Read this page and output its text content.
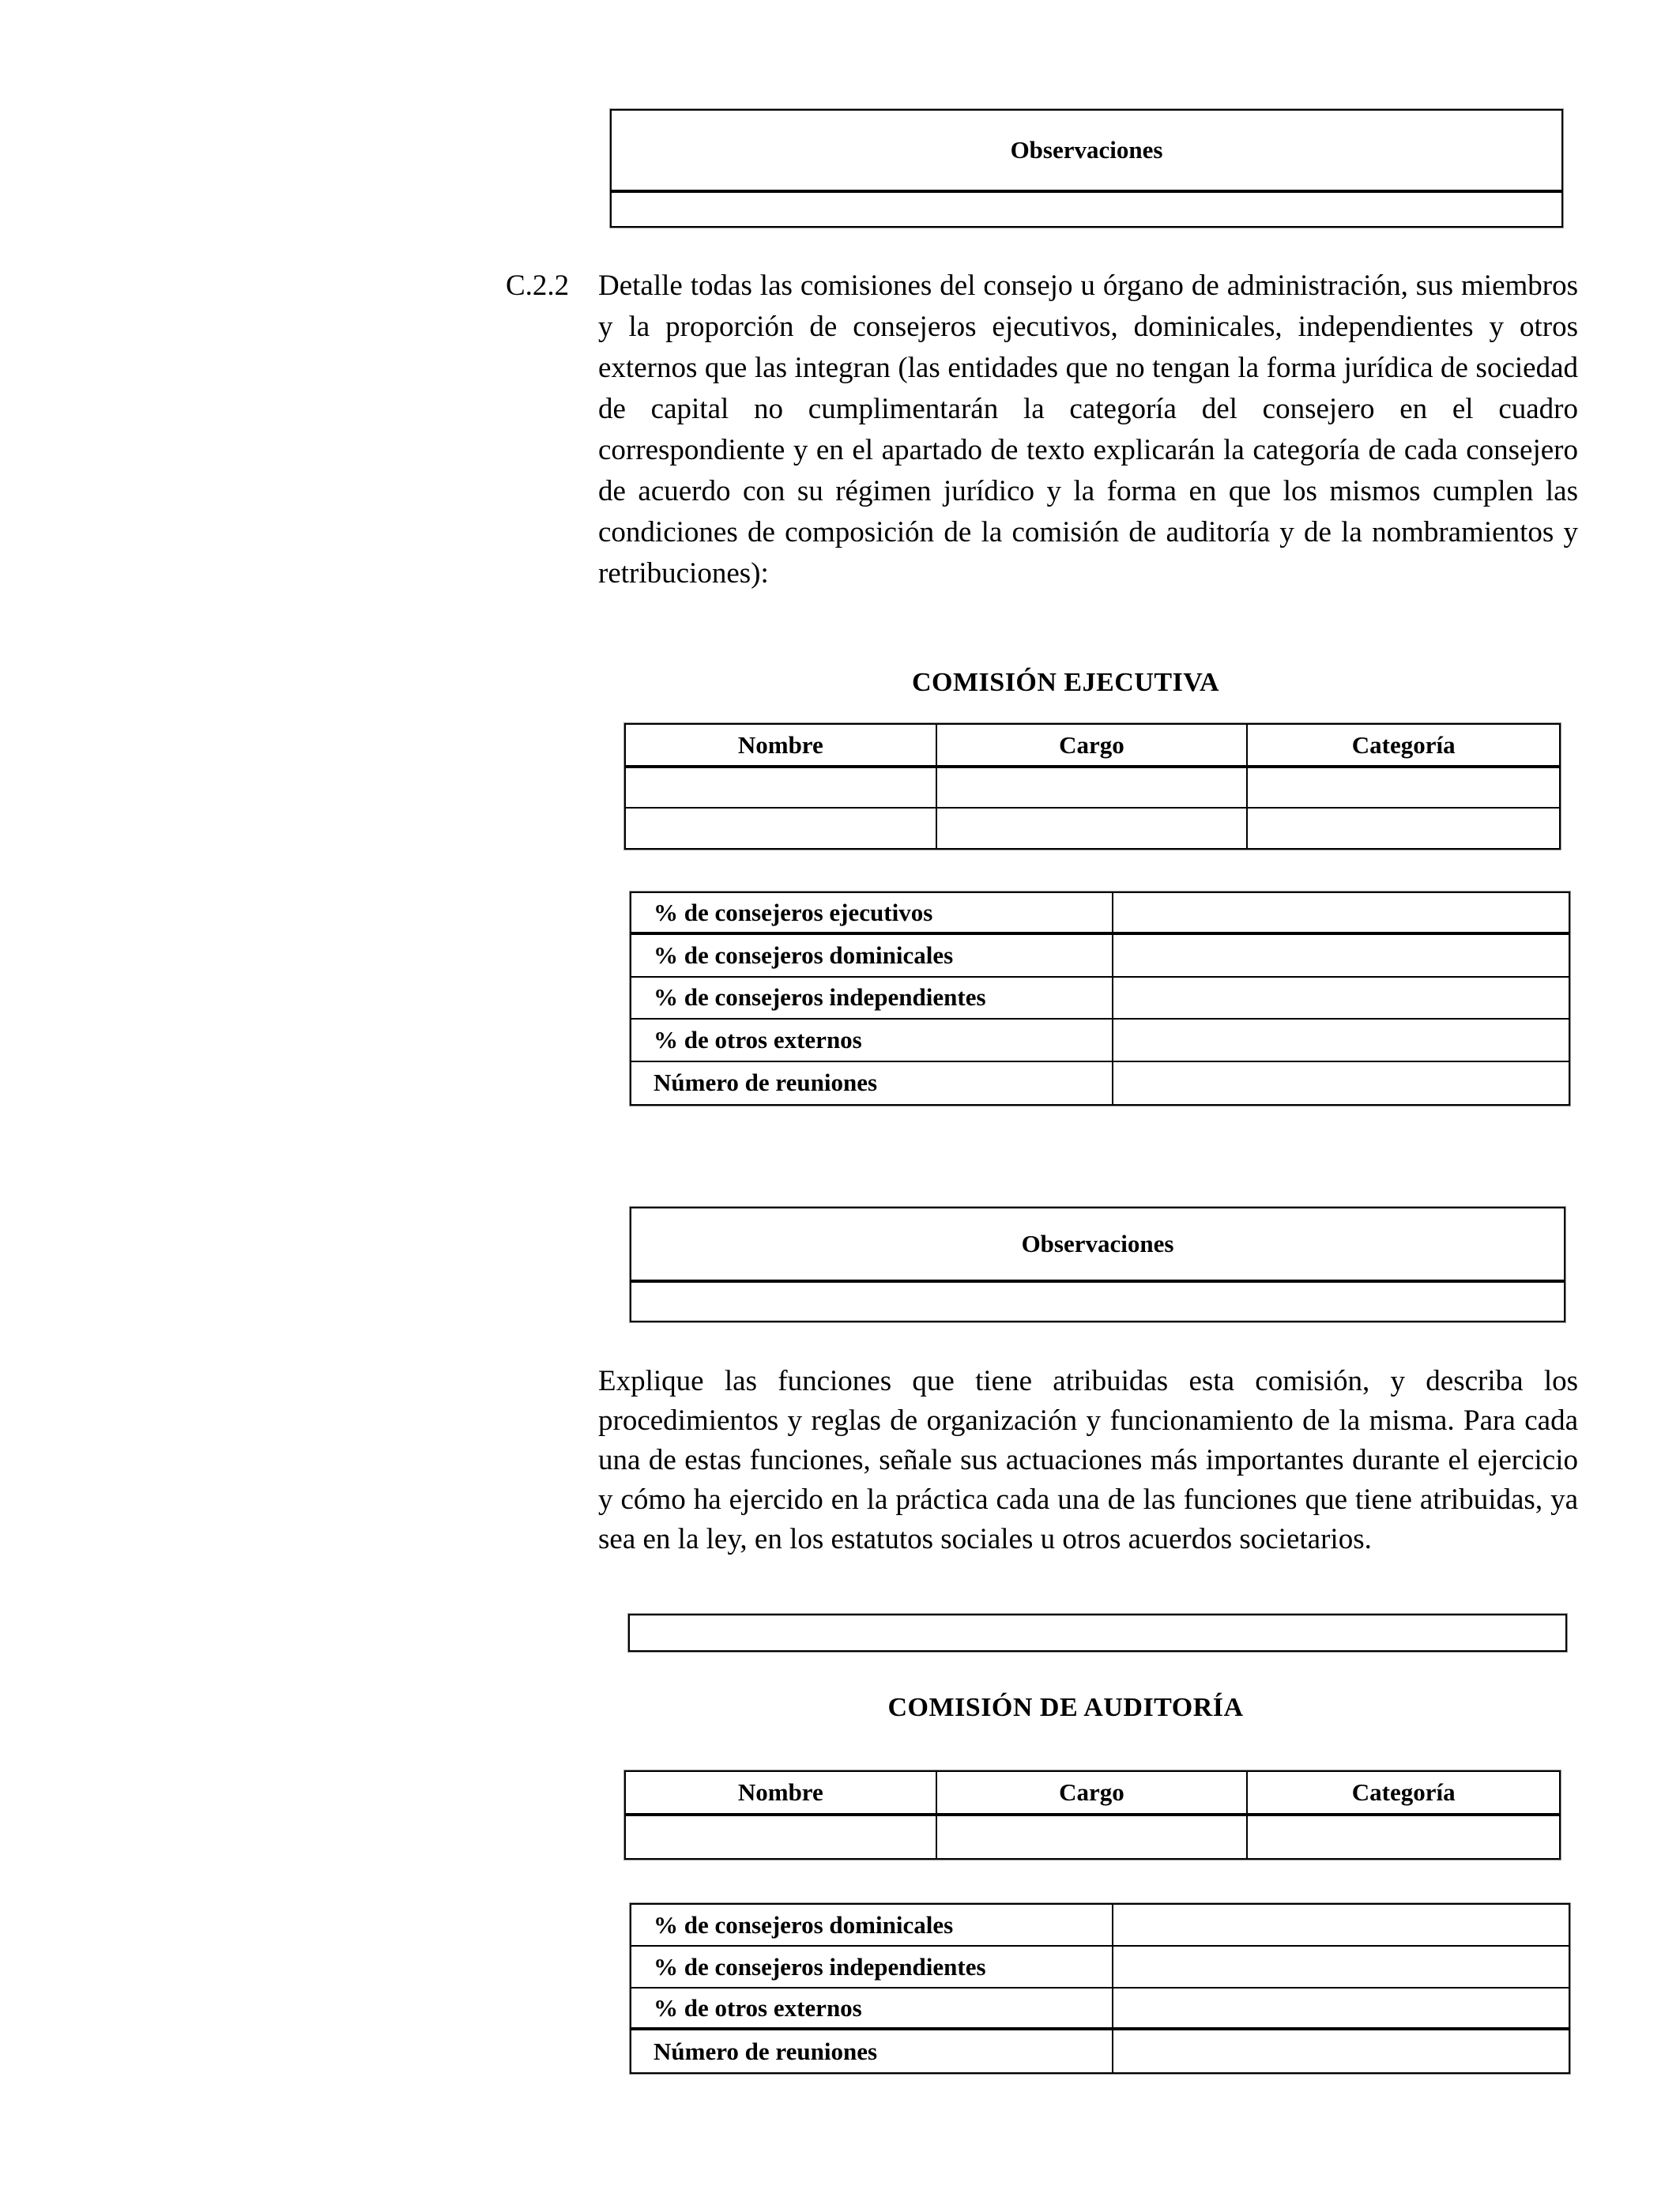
Observaciones
C.2.2 Detalle todas las comisiones del consejo u órgano de administración, sus miembros y la proporción de consejeros ejecutivos, dominicales, independientes y otros externos que las integran (las entidades que no tengan la forma jurídica de sociedad de capital no cumplimentarán la categoría del consejero en el cuadro correspondiente y en el apartado de texto explicarán la categoría de cada consejero de acuerdo con su régimen jurídico y la forma en que los mismos cumplen las condiciones de composición de la comisión de auditoría y de la nombramientos y retribuciones):
COMISIÓN EJECUTIVA
Nombre	Cargo	Categoría
% de consejeros ejecutivos
% de consejeros dominicales
% de consejeros independientes
% de otros externos
Número de reuniones
Observaciones
Explique las funciones que tiene atribuidas esta comisión, y describa los procedimientos y reglas de organización y funcionamiento de la misma. Para cada una de estas funciones, señale sus actuaciones más importantes durante el ejercicio y cómo ha ejercido en la práctica cada una de las funciones que tiene atribuidas, ya sea en la ley, en los estatutos sociales u otros acuerdos societarios.
COMISIÓN DE AUDITORÍA
Nombre	Cargo	Categoría
% de consejeros dominicales
% de consejeros independientes
% de otros externos
Número de reuniones
